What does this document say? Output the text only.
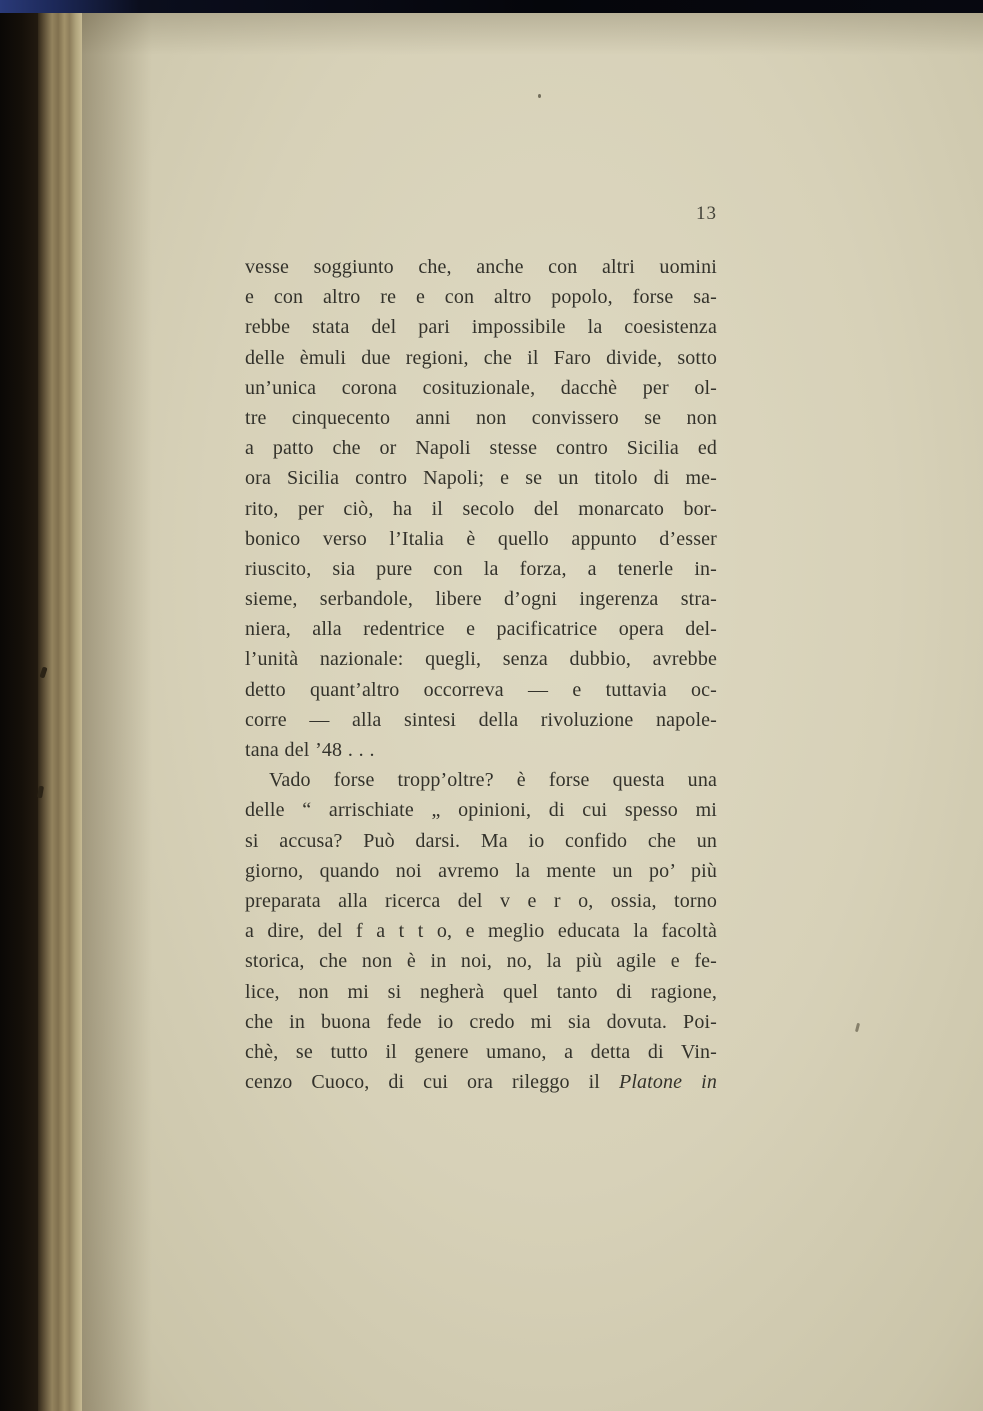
13
vesse soggiunto che, anche con altri uomini
e con altro re e con altro popolo, forse sa-
rebbe stata del pari impossibile la coesistenza
delle èmuli due regioni, che il Faro divide, sotto
un’unica corona cosituzionale, dacchè per ol-
tre cinquecento anni non convissero se non
a patto che or Napoli stesse contro Sicilia ed
ora Sicilia contro Napoli; e se un titolo di me-
rito, per ciò, ha il secolo del monarcato bor-
bonico verso l’Italia è quello appunto d’esser
riuscito, sia pure con la forza, a tenerle in-
sieme, serbandole, libere d’ogni ingerenza stra-
niera, alla redentrice e pacificatrice opera del-
l’unità nazionale: quegli, senza dubbio, avrebbe
detto quant’altro occorreva — e tuttavia oc-
corre — alla sintesi della rivoluzione napole-
tana del ’48 . . .
Vado forse tropp’oltre? è forse questa una
delle “ arrischiate „ opinioni, di cui spesso mi
si accusa? Può darsi. Ma io confido che un
giorno, quando noi avremo la mente un po’ più
preparata alla ricerca del v e r o, ossia, torno
a dire, del f a t t o, e meglio educata la facoltà
storica, che non è in noi, no, la più agile e fe-
lice, non mi si negherà quel tanto di ragione,
che in buona fede io credo mi sia dovuta. Poi-
chè, se tutto il genere umano, a detta di Vin-
cenzo Cuoco, di cui ora rileggo il Platone in
